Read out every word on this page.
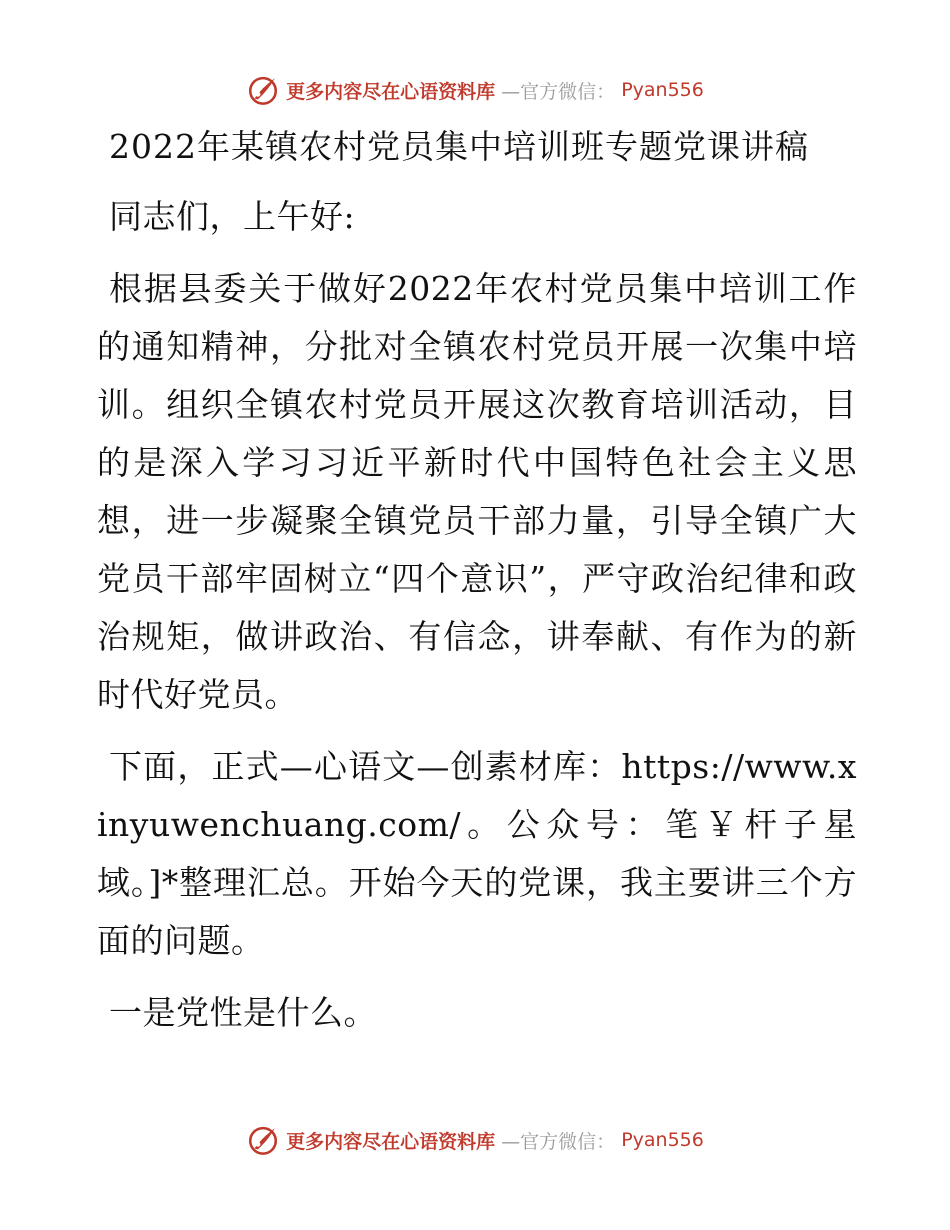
更多内容尽在心语资料库 —官方微信： Pyan556
2022年某镇农村党员集中培训班专题党课讲稿

同志们，上午好:

根据县委关于做好2022年农村党员集中培训工作的通知精神，分批对全镇农村党员开展一次集中培训。组织全镇农村党员开展这次教育培训活动，目的是深入学习习近平新时代中国特色社会主义思想，进一步凝聚全镇党员干部力量，引导全镇广大党员干部牢固树立“四个意识”，严守政治纪律和政治规矩，做讲政治、有信念，讲奉献、有作为的新时代好党员。

下面，正式—心语文—创素材库：https://www.xinyuwenchuang.com/。公众号：笔￥杆子星域。]*整理汇总。开始今天的党课，我主要讲三个方面的问题。

一是党性是什么。

更多内容尽在心语资料库 —官方微信： Pyan556
